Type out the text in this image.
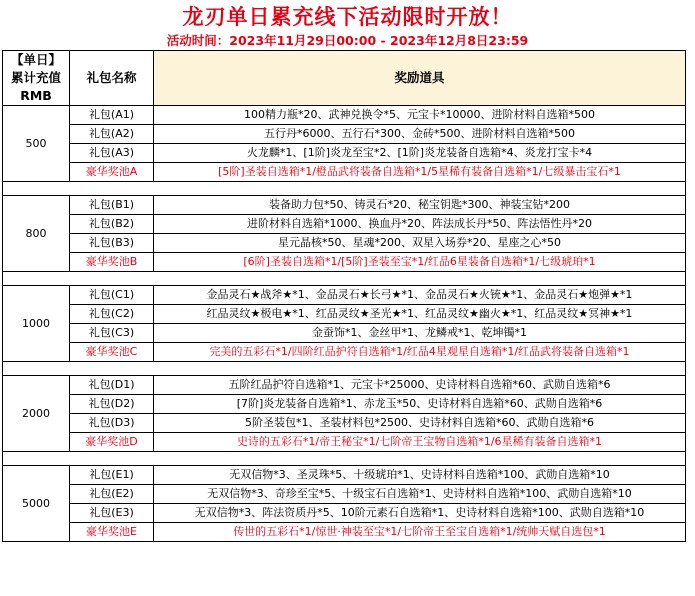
龙刃单日累充线下活动限时开放！
活动时间：2023年11月29日00:00 - 2023年12月8日23:59
【单日】
累计充值
RMB	礼包名称	奖励道具
500	礼包(A1)	100精力瓶*20、武神兑换令*5、元宝卡*10000、进阶材料自选箱*500
	礼包(A2)	五行丹*6000、五行石*300、金砖*500、进阶材料自选箱*500
	礼包(A3)	火龙麟*1、[1阶]炎龙至宝*2、[1阶]炎龙装备自选箱*4、炎龙打宝卡*4
	豪华奖池A	[5阶]圣装自选箱*1/橙品武将装备自选箱*1/5星稀有装备自选箱*1/七级暴击宝石*1

800	礼包(B1)	装备助力包*50、铸灵石*20、秘宝钥匙*300、神装宝钻*200
	礼包(B2)	进阶材料自选箱*1000、换血丹*20、阵法成长丹*50、阵法悟性丹*20
	礼包(B3)	星元晶核*50、星魂*200、双星入场券*20、星座之心*50
	豪华奖池B	[6阶]圣装自选箱*1/[5阶]圣装至宝*1/红品6星装备自选箱*1/七级琥珀*1

1000	礼包(C1)	金品灵石★战斧★*1、金品灵石★长弓★*1、金品灵石★火铳★*1、金品灵石★炮弹★*1
	礼包(C2)	红品灵纹★极电★*1、红品灵纹★圣光★*1、红品灵纹★幽火★*1、红品灵纹★冥神★*1
	礼包(C3)	金蚕饰*1、金丝甲*1、龙鳞戒*1、乾坤镯*1
	豪华奖池C	完美的五彩石*1/四阶红品护符自选箱*1/红品4星观星自选箱*1/红品武将装备自选箱*1

2000	礼包(D1)	五阶红品护符自选箱*1、元宝卡*25000、史诗材料自选箱*60、武勋自选箱*6
	礼包(D2)	[7阶]炎龙装备自选箱*1、赤龙玉*50、史诗材料自选箱*60、武勋自选箱*6
	礼包(D3)	5阶圣装包*1、圣装材料包*2500、史诗材料自选箱*60、武勋自选箱*6
	豪华奖池D	史诗的五彩石*1/帝王秘宝*1/七阶帝王宝物自选箱*1/6星稀有装备自选箱*1

5000	礼包(E1)	无双信物*3、圣灵珠*5、十级琥珀*1、史诗材料自选箱*100、武勋自选箱*10
	礼包(E2)	无双信物*3、奇珍至宝*5、十级宝石自选箱*1、史诗材料自选箱*100、武勋自选箱*10
	礼包(E3)	无双信物*3、阵法资质丹*5、10阶元素石自选箱*1、史诗材料自选箱*100、武勋自选箱*10
	豪华奖池E	传世的五彩石*1/惊世·神装至宝*1/七阶帝王至宝自选箱*1/统帅天赋自选包*1
